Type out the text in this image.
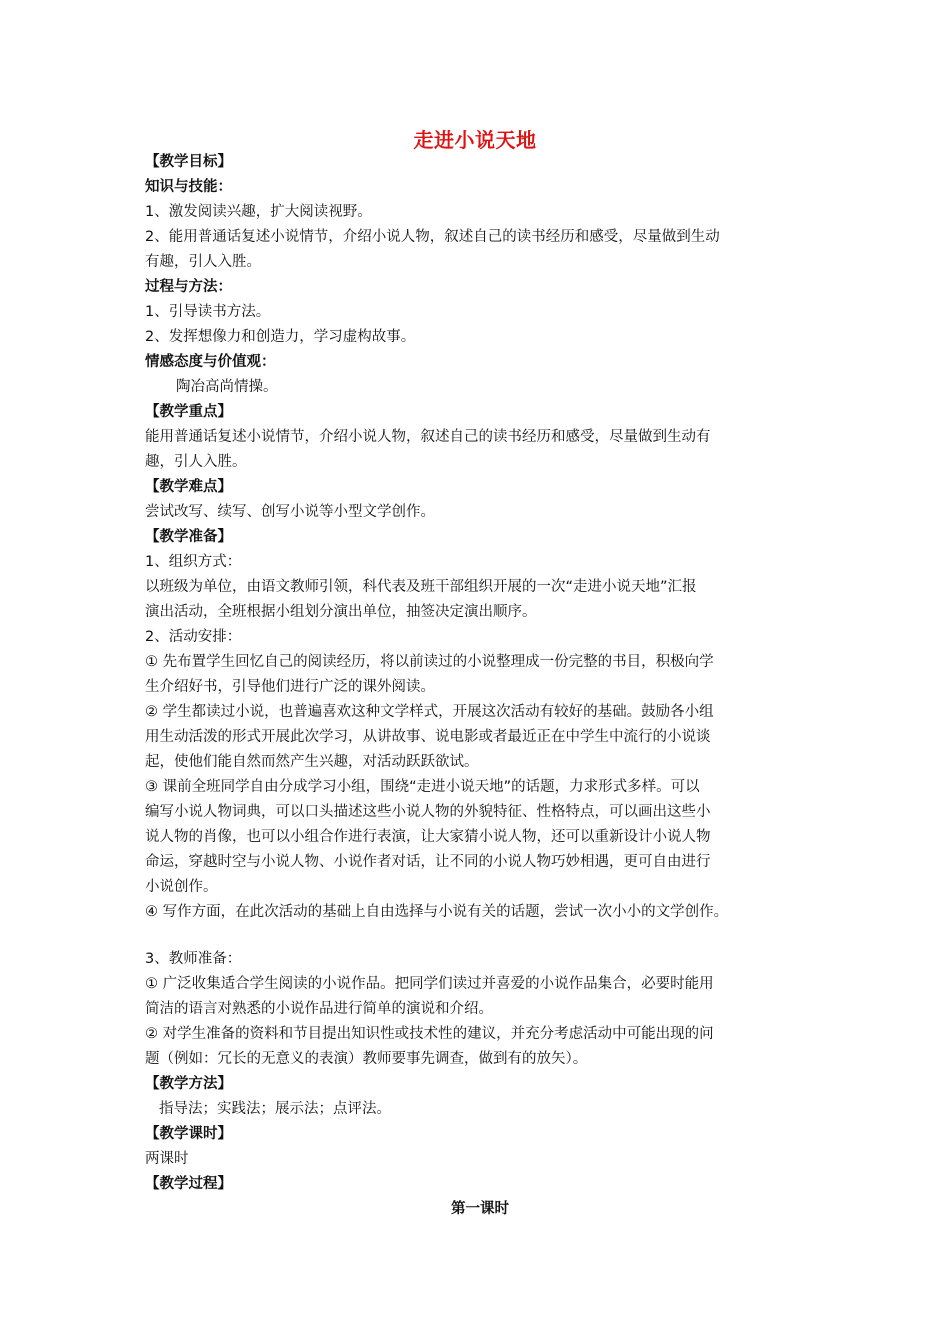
走进小说天地

【教学目标】

知识与技能：

1、激发阅读兴趣，扩大阅读视野。

2、能用普通话复述小说情节，介绍小说人物，叙述自己的读书经历和感受，尽量做到生动

有趣，引人入胜。

过程与方法：

1、引导读书方法。

2、发挥想像力和创造力，学习虚构故事。

情感态度与价值观：

陶冶高尚情操。

【教学重点】

能用普通话复述小说情节，介绍小说人物，叙述自己的读书经历和感受，尽量做到生动有

趣，引人入胜。

【教学难点】

尝试改写、续写、创写小说等小型文学创作。

【教学准备】

1、组织方式：

以班级为单位，由语文教师引领，科代表及班干部组织开展的一次“走进小说天地”汇报

演出活动，全班根据小组划分演出单位，抽签决定演出顺序。

2、活动安排：

① 先布置学生回忆自己的阅读经历，将以前读过的小说整理成一份完整的书目，积极向学

生介绍好书，引导他们进行广泛的课外阅读。

② 学生都读过小说，也普遍喜欢这种文学样式，开展这次活动有较好的基础。鼓励各小组

用生动活泼的形式开展此次学习，从讲故事、说电影或者最近正在中学生中流行的小说谈

起，使他们能自然而然产生兴趣，对活动跃跃欲试。

③ 课前全班同学自由分成学习小组，围绕“走进小说天地”的话题，力求形式多样。可以

编写小说人物词典，可以口头描述这些小说人物的外貌特征、性格特点，可以画出这些小

说人物的肖像，也可以小组合作进行表演，让大家猜小说人物，还可以重新设计小说人物

命运，穿越时空与小说人物、小说作者对话，让不同的小说人物巧妙相遇，更可自由进行

小说创作。

④ 写作方面，在此次活动的基础上自由选择与小说有关的话题，尝试一次小小的文学创作。

3、教师准备：

① 广泛收集适合学生阅读的小说作品。把同学们读过并喜爱的小说作品集合，必要时能用

简洁的语言对熟悉的小说作品进行简单的演说和介绍。

② 对学生准备的资料和节目提出知识性或技术性的建议，并充分考虑活动中可能出现的问

题（例如：冗长的无意义的表演）教师要事先调查，做到有的放矢）。

【教学方法】

指导法；实践法；展示法；点评法。

【教学课时】

两课时

【教学过程】

第一课时
